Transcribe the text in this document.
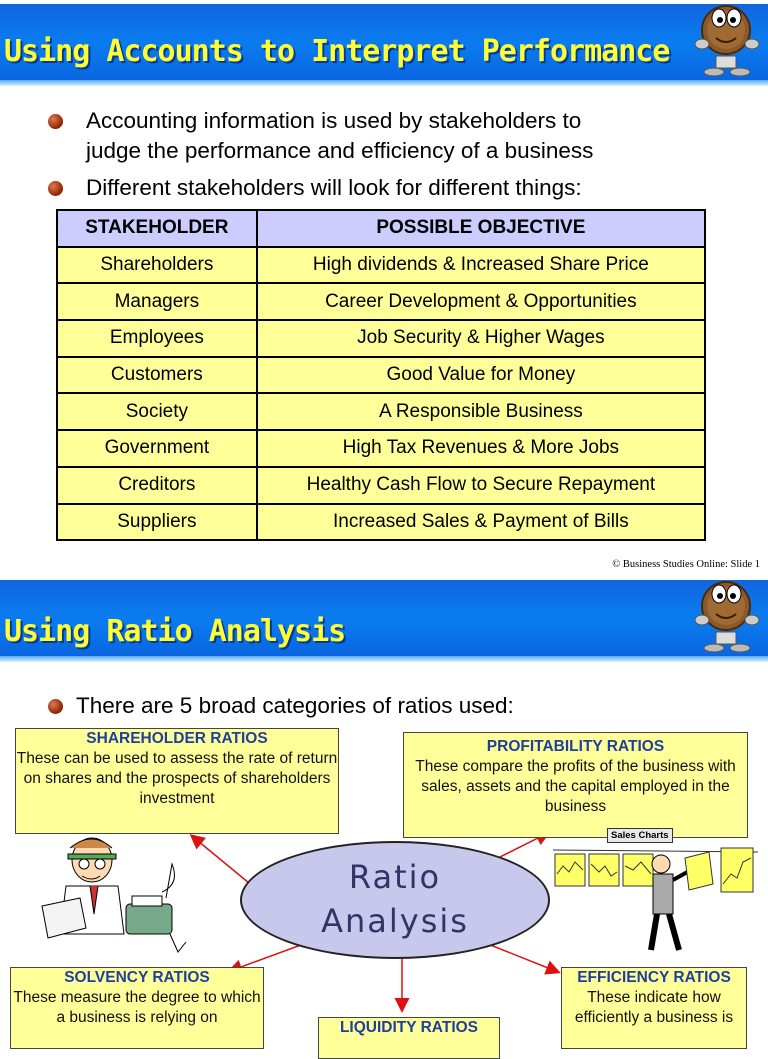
Using Accounts to Interpret Performance
Accounting information is used by stakeholders to
judge the performance and efficiency of a business
Different stakeholders will look for different things:
STAKEHOLDER	POSSIBLE OBJECTIVE
Shareholders	High dividends & Increased Share Price
Managers	Career Development & Opportunities
Employees	Job Security & Higher Wages
Customers	Good Value for Money
Society	A Responsible Business
Government	High Tax Revenues & More Jobs
Creditors	Healthy Cash Flow to Secure Repayment
Suppliers	Increased Sales & Payment of Bills
© Business Studies Online: Slide 1
Using Ratio Analysis
There are 5 broad categories of ratios used:
SHAREHOLDER RATIOS
These can be used to assess the rate of return on shares and the prospects of shareholders investment
PROFITABILITY RATIOS
These compare the profits of the business with sales, assets and the capital employed in the business
Ratio
Analysis
Sales Charts
SOLVENCY RATIOS
These measure the degree to which a business is relying on
LIQUIDITY RATIOS
EFFICIENCY RATIOS
These indicate how efficiently a business is
